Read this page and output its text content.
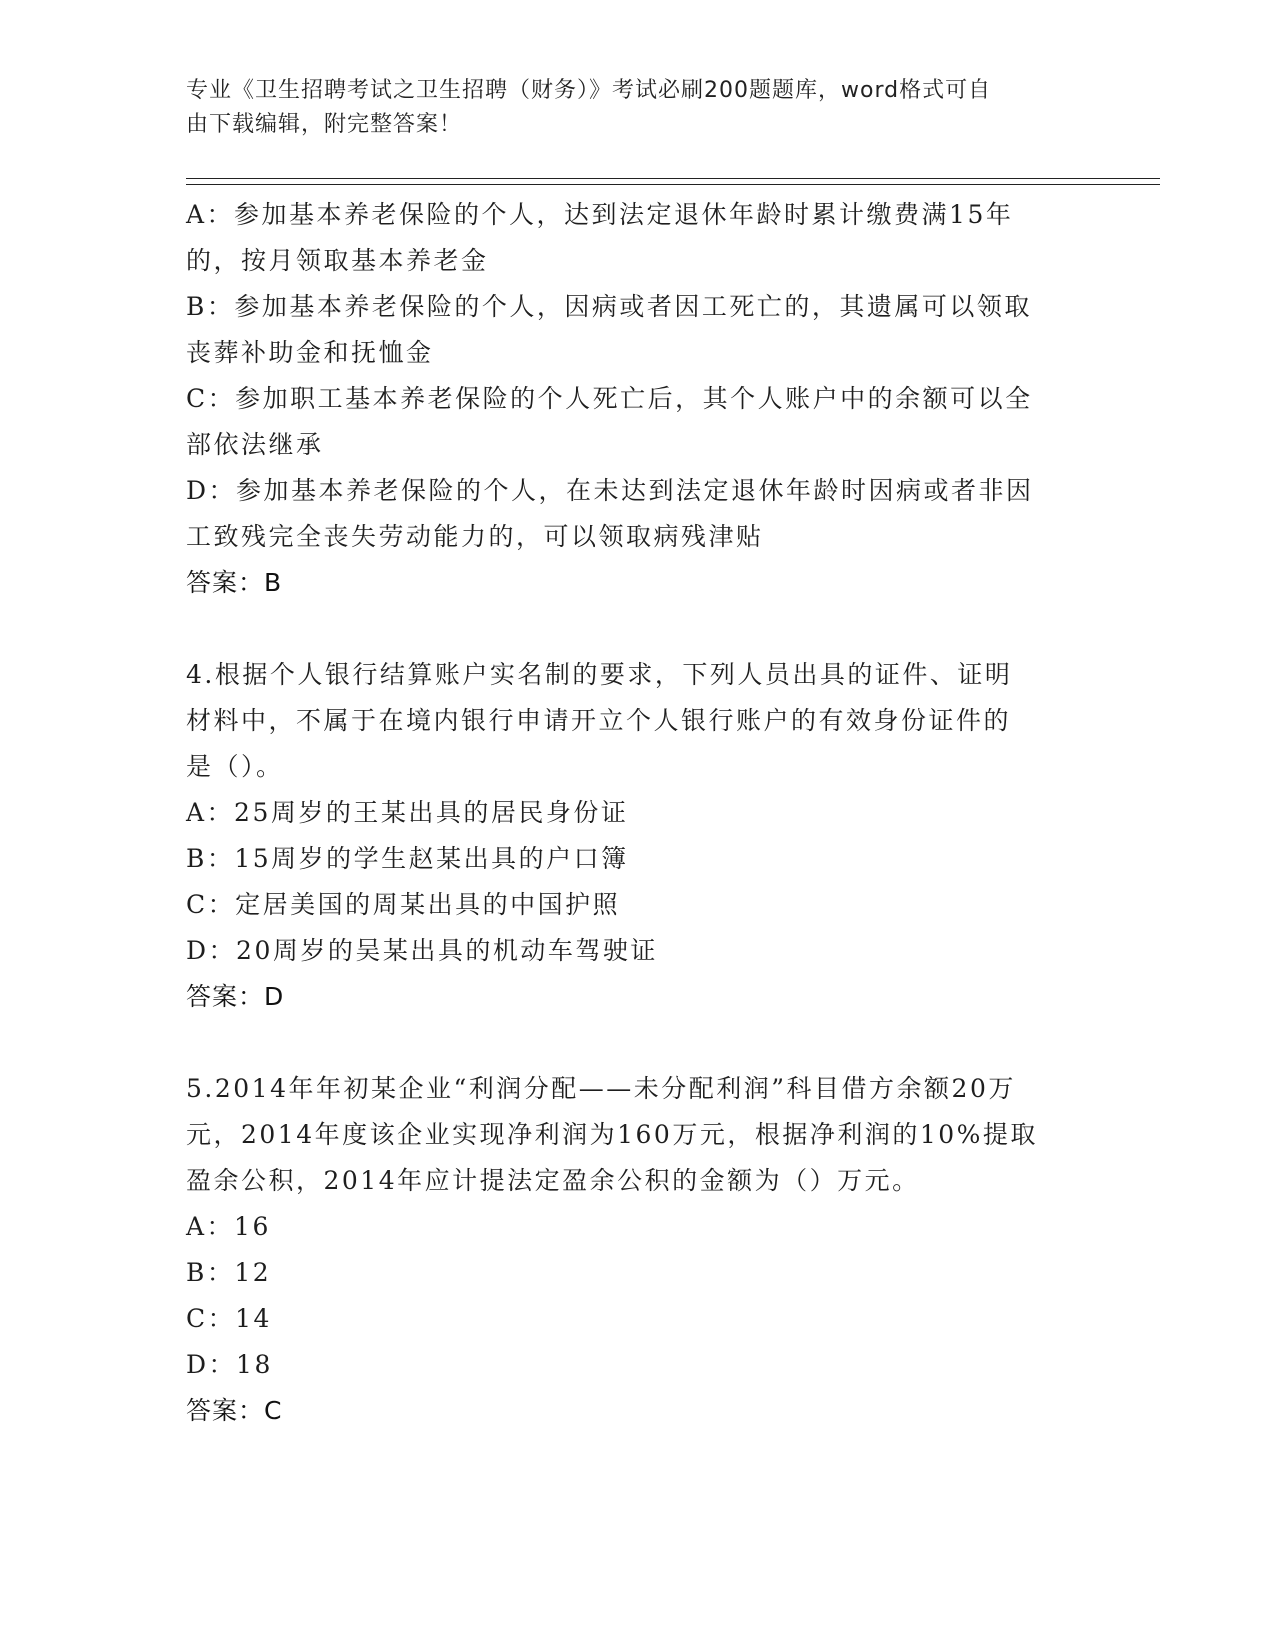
专业《卫生招聘考试之卫生招聘（财务）》考试必刷200题题库，word格式可自
由下载编辑，附完整答案！
A：参加基本养老保险的个人，达到法定退休年龄时累计缴费满15年
的，按月领取基本养老金
B：参加基本养老保险的个人，因病或者因工死亡的，其遗属可以领取
丧葬补助金和抚恤金
C：参加职工基本养老保险的个人死亡后，其个人账户中的余额可以全
部依法继承
D：参加基本养老保险的个人，在未达到法定退休年龄时因病或者非因
工致残完全丧失劳动能力的，可以领取病残津贴
答案：B
4.根据个人银行结算账户实名制的要求，下列人员出具的证件、证明
材料中，不属于在境内银行申请开立个人银行账户的有效身份证件的
是（）。
A：25周岁的王某出具的居民身份证
B：15周岁的学生赵某出具的户口簿
C：定居美国的周某出具的中国护照
D：20周岁的吴某出具的机动车驾驶证
答案：D
5.2014年年初某企业“利润分配——未分配利润”科目借方余额20万
元，2014年度该企业实现净利润为160万元，根据净利润的10%提取
盈余公积，2014年应计提法定盈余公积的金额为（）万元。
A：16
B：12
C：14
D：18
答案：C
